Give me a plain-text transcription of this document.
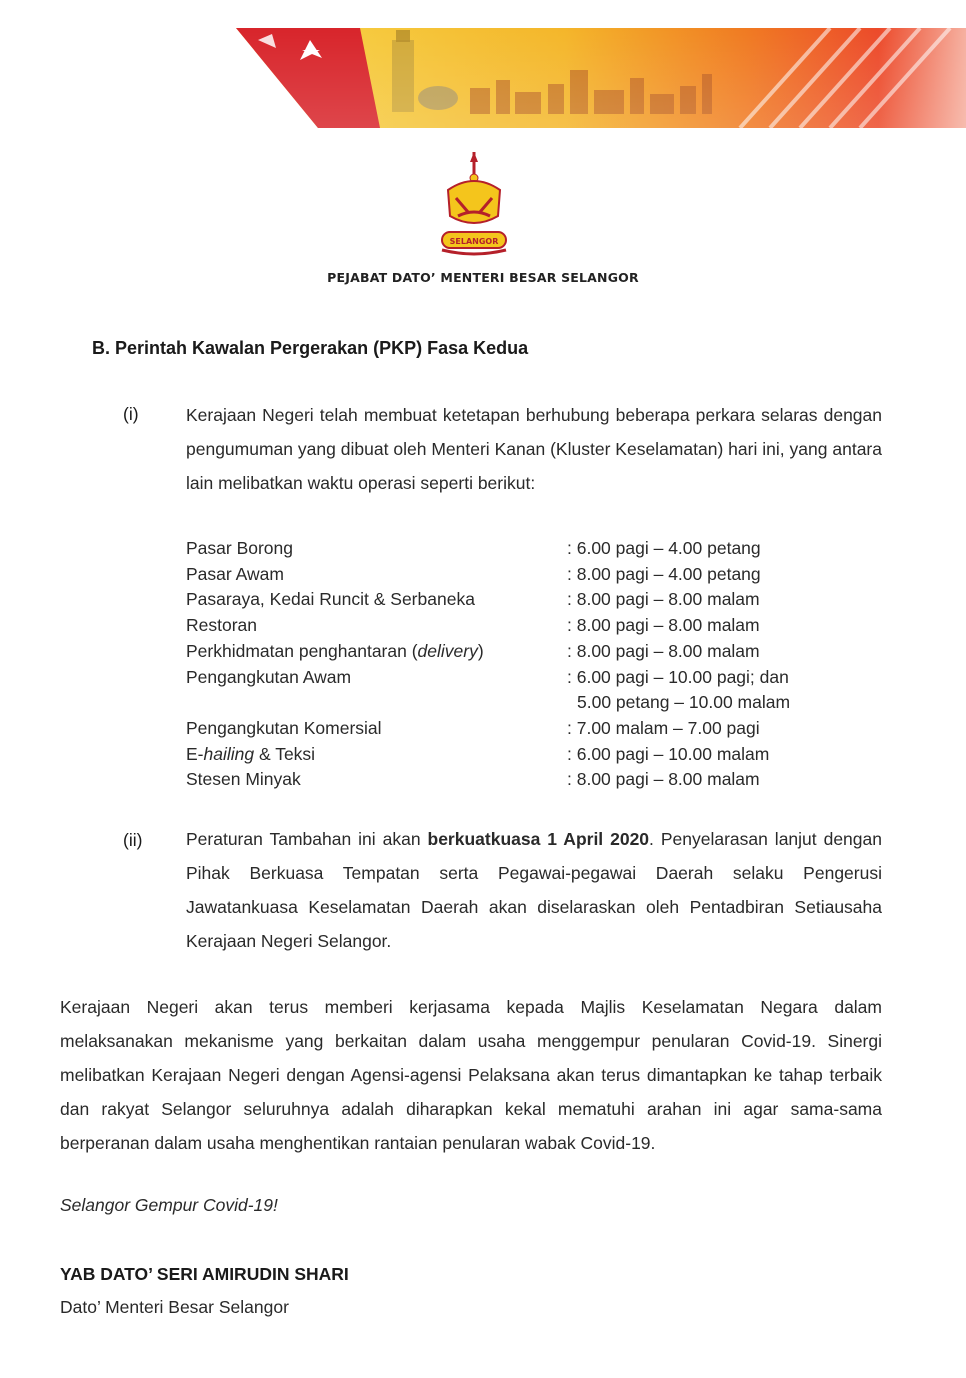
SELANGOR
PEJABAT DATO’ MENTERI BESAR SELANGOR
B. Perintah Kawalan Pergerakan (PKP) Fasa Kedua
(i)	Kerajaan Negeri telah membuat ketetapan berhubung beberapa perkara selaras dengan pengumuman yang dibuat oleh Menteri Kanan (Kluster Keselamatan) hari ini, yang antara lain melibatkan waktu operasi seperti berikut:
Pasar Borong	: 6.00 pagi – 4.00 petang
Pasar Awam	: 8.00 pagi – 4.00 petang
Pasaraya, Kedai Runcit & Serbaneka	: 8.00 pagi – 8.00 malam
Restoran	: 8.00 pagi – 8.00 malam
Perkhidmatan penghantaran (delivery)	: 8.00 pagi – 8.00 malam
Pengangkutan Awam	: 6.00 pagi – 10.00 pagi; dan
5.00 petang – 10.00 malam
Pengangkutan Komersial	: 7.00 malam – 7.00 pagi
E-hailing & Teksi	: 6.00 pagi – 10.00 malam
Stesen Minyak	: 8.00 pagi – 8.00 malam
(ii) Peraturan Tambahan ini akan berkuatkuasa 1 April 2020. Penyelarasan lanjut dengan Pihak Berkuasa Tempatan serta Pegawai-pegawai Daerah selaku Pengerusi Jawatankuasa Keselamatan Daerah akan diselaraskan oleh Pentadbiran Setiausaha Kerajaan Negeri Selangor.
Kerajaan Negeri akan terus memberi kerjasama kepada Majlis Keselamatan Negara dalam melaksanakan mekanisme yang berkaitan dalam usaha menggempur penularan Covid-19. Sinergi melibatkan Kerajaan Negeri dengan Agensi-agensi Pelaksana akan terus dimantapkan ke tahap terbaik dan rakyat Selangor seluruhnya adalah diharapkan kekal mematuhi arahan ini agar sama-sama berperanan dalam usaha menghentikan rantaian penularan wabak Covid-19.
Selangor Gempur Covid-19!
YAB DATO’ SERI AMIRUDIN SHARI
Dato’ Menteri Besar Selangor
